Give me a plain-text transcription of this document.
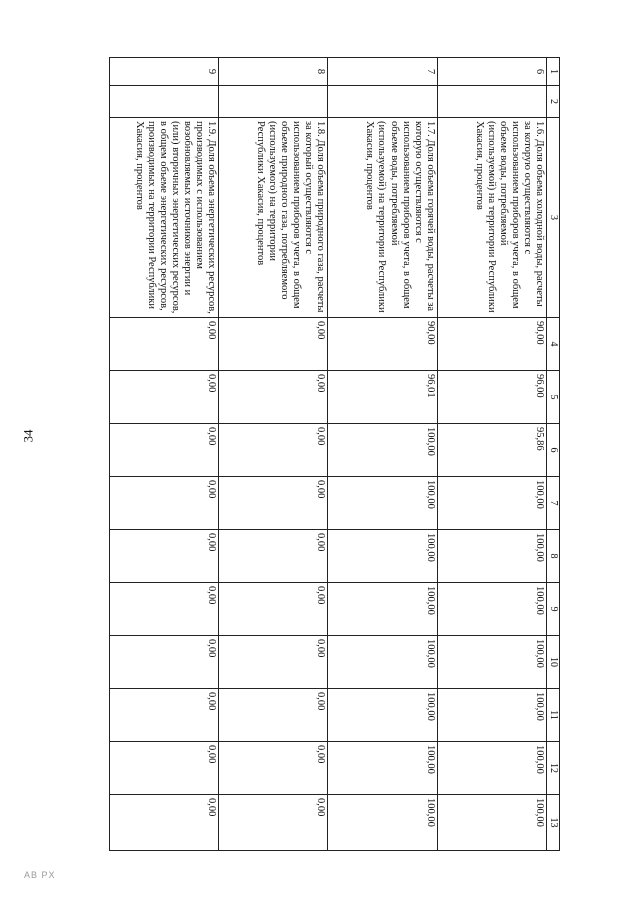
34
1	2	3	4	5	6	7	8	9	10	11	12	13
6		1.6. Доля объема холодной воды, расчеты за которую осуществляются с использованием приборов учета, в общем объеме воды, потребляемой (используемой) на территории Республики Хакасия, процентов	90,00	96,00	95,86	100,00	100,00	100,00	100,00	100,00	100,00	100,00
7		1.7. Доля объема горячей воды, расчеты за которую осуществляются с использованием приборов учета, в общем объеме воды, потребляемой (используемой) на территории Республики Хакасия, процентов	90,00	96,01	100,00	100,00	100,00	100,00	100,00	100,00	100,00	100,00
8		1.8. Доля объема природного газа, расчеты за который осуществляются с использованием приборов учета, в общем объеме природного газа, потребляемого (используемого) на территории Республики Хакасия, процентов	0,00	0,00	0,00	0,00	0,00	0,00	0,00	0,00	0,00	0,00
9		1.9. Доля объема энергетических ресурсов, производимых с использованием возобновляемых источников энергии и (или) вторичных энергетических ресурсов, в общем объеме энергетических ресурсов, производимых на территории Республики Хакасия, процентов	0,00	0,00	0,00	0,00	0,00	0,00	0,00	0,00	0,00	0,00
AB PX
